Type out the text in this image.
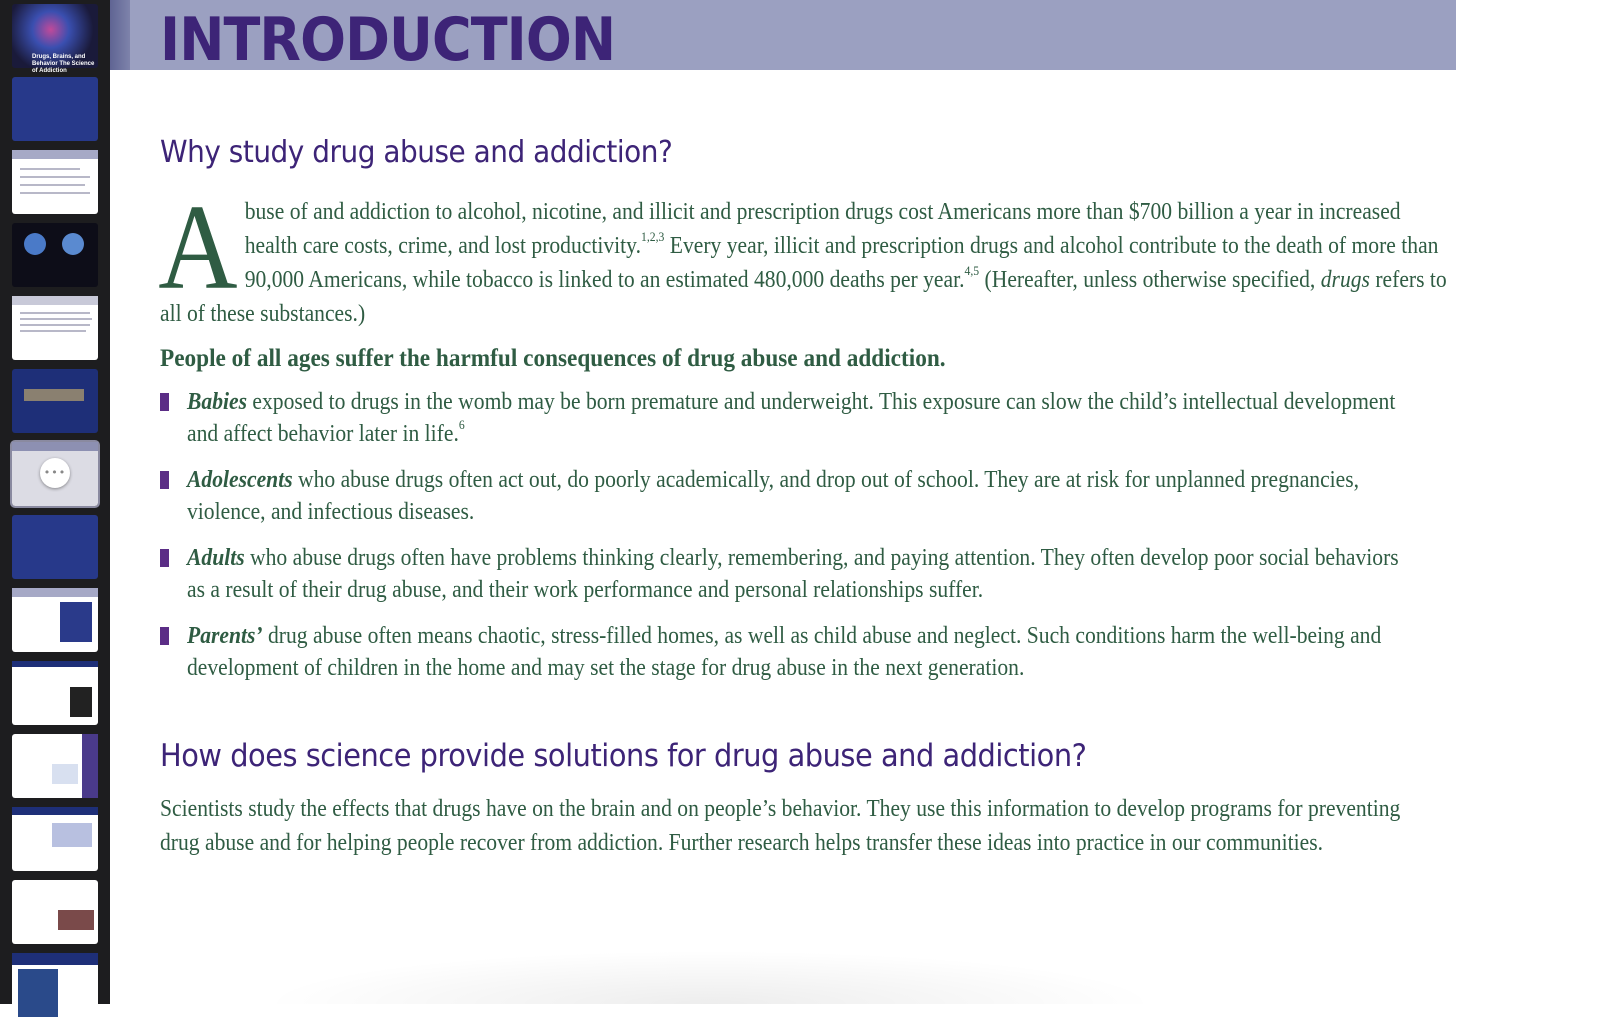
Drugs, Brains, and Behavior The Science of Addiction
•••
INTRODUCTION
Why study drug abuse and addiction?

Abuse of and addiction to alcohol, nicotine, and illicit and prescription drugs cost Americans more than $700 billion a year in increased health care costs, crime, and lost productivity.$^{1,2,3}$ Every year, illicit and prescription drugs and alcohol contribute to the death of more than 90,000 Americans, while tobacco is linked to an estimated 480,000 deaths per year.$^{4,5}$ (Hereafter, unless otherwise specified, drugs refers to all of these substances.)

People of all ages suffer the harmful consequences of drug abuse and addiction.

Babies exposed to drugs in the womb may be born premature and underweight. This exposure can slow the child’s intellectual development and affect behavior later in life.$^6$

Adolescents who abuse drugs often act out, do poorly academically, and drop out of school. They are at risk for unplanned pregnancies, violence, and infectious diseases.

Adults who abuse drugs often have problems thinking clearly, remembering, and paying attention. They often develop poor social behaviors as a result of their drug abuse, and their work performance and personal relationships suffer.

Parents’ drug abuse often means chaotic, stress-filled homes, as well as child abuse and neglect. Such conditions harm the well-being and development of children in the home and may set the stage for drug abuse in the next generation.

How does science provide solutions for drug abuse and addiction?

Scientists study the effects that drugs have on the brain and on people’s behavior. They use this information to develop programs for preventing drug abuse and for helping people recover from addiction. Further research helps transfer these ideas into practice in our communities.
